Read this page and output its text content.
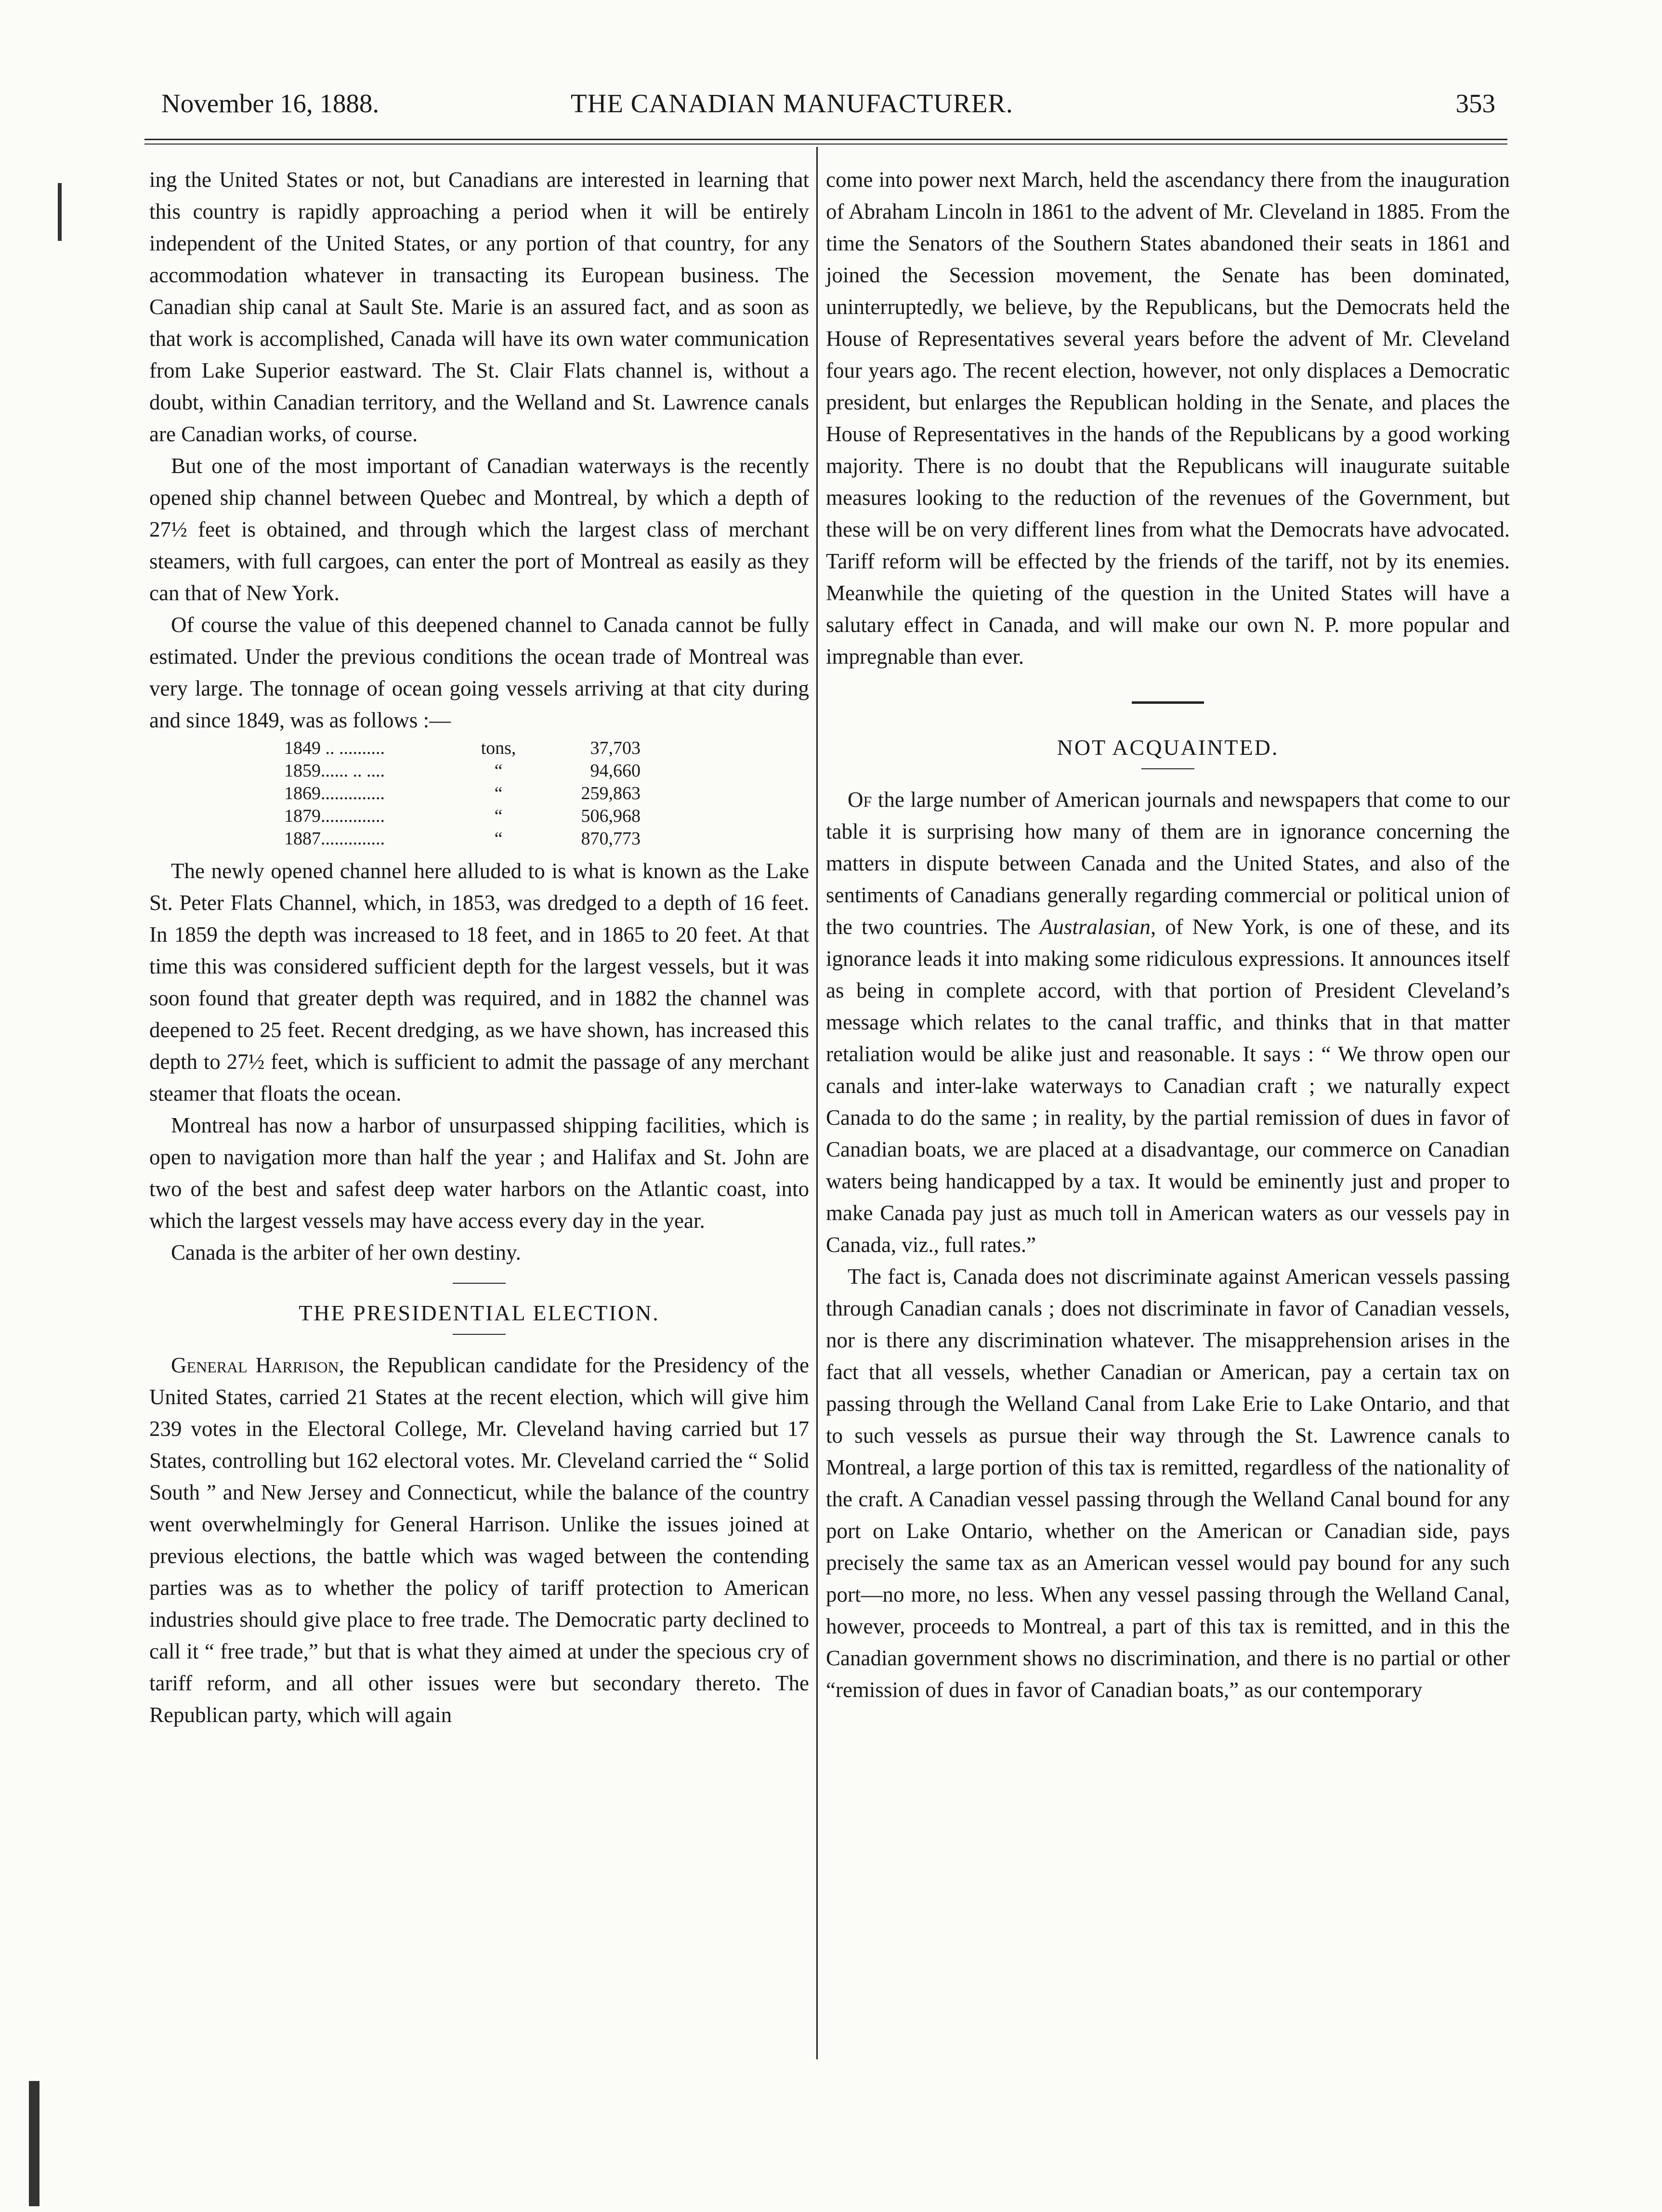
November 16, 1888.	THE CANADIAN MANUFACTURER.	353

ing the United States or not, but Canadians are interested in learning that this country is rapidly approaching a period when it will be entirely independent of the United States, or any portion of that country, for any accommodation whatever in transacting its European business. The Canadian ship canal at Sault Ste. Marie is an assured fact, and as soon as that work is accomplished, Canada will have its own water communication from Lake Superior eastward. The St. Clair Flats channel is, without a doubt, within Canadian territory, and the Welland and St. Lawrence canals are Canadian works, of course.

But one of the most important of Canadian waterways is the recently opened ship channel between Quebec and Montreal, by which a depth of 27½ feet is obtained, and through which the largest class of merchant steamers, with full cargoes, can enter the port of Montreal as easily as they can that of New York.

Of course the value of this deepened channel to Canada cannot be fully estimated. Under the previous conditions the ocean trade of Montreal was very large. The tonnage of ocean going vessels arriving at that city during and since 1849, was as follows :—

1849 .. ..........	tons,	37,703
1859...... .. ....	“	94,660
1869..............	“	259,863
1879..............	“	506,968
1887..............	“	870,773

The newly opened channel here alluded to is what is known as the Lake St. Peter Flats Channel, which, in 1853, was dredged to a depth of 16 feet. In 1859 the depth was increased to 18 feet, and in 1865 to 20 feet. At that time this was considered sufficient depth for the largest vessels, but it was soon found that greater depth was required, and in 1882 the channel was deepened to 25 feet. Recent dredging, as we have shown, has increased this depth to 27½ feet, which is sufficient to admit the passage of any merchant steamer that floats the ocean.

Montreal has now a harbor of unsurpassed shipping facilities, which is open to navigation more than half the year ; and Halifax and St. John are two of the best and safest deep water harbors on the Atlantic coast, into which the largest vessels may have access every day in the year.

Canada is the arbiter of her own destiny.

THE PRESIDENTIAL ELECTION.

General Harrison, the Republican candidate for the Presidency of the United States, carried 21 States at the recent election, which will give him 239 votes in the Electoral College, Mr. Cleveland having carried but 17 States, controlling but 162 electoral votes. Mr. Cleveland carried the “ Solid South ” and New Jersey and Connecticut, while the balance of the country went overwhelmingly for General Harrison. Unlike the issues joined at previous elections, the battle which was waged between the contending parties was as to whether the policy of tariff protection to American industries should give place to free trade. The Democratic party declined to call it “ free trade,” but that is what they aimed at under the specious cry of tariff reform, and all other issues were but secondary thereto. The Republican party, which will again

come into power next March, held the ascendancy there from the inauguration of Abraham Lincoln in 1861 to the advent of Mr. Cleveland in 1885. From the time the Senators of the Southern States abandoned their seats in 1861 and joined the Secession movement, the Senate has been dominated, uninterruptedly, we believe, by the Republicans, but the Democrats held the House of Representatives several years before the advent of Mr. Cleveland four years ago. The recent election, however, not only displaces a Democratic president, but enlarges the Republican holding in the Senate, and places the House of Representatives in the hands of the Republicans by a good working majority. There is no doubt that the Republicans will inaugurate suitable measures looking to the reduction of the revenues of the Government, but these will be on very different lines from what the Democrats have advocated. Tariff reform will be effected by the friends of the tariff, not by its enemies. Meanwhile the quieting of the question in the United States will have a salutary effect in Canada, and will make our own N. P. more popular and impregnable than ever.

NOT ACQUAINTED.

Of the large number of American journals and newspapers that come to our table it is surprising how many of them are in ignorance concerning the matters in dispute between Canada and the United States, and also of the sentiments of Canadians generally regarding commercial or political union of the two countries. The Australasian, of New York, is one of these, and its ignorance leads it into making some ridiculous expressions. It announces itself as being in complete accord, with that portion of President Cleveland’s message which relates to the canal traffic, and thinks that in that matter retaliation would be alike just and reasonable. It says : “ We throw open our canals and inter-lake waterways to Canadian craft ; we naturally expect Canada to do the same ; in reality, by the partial remission of dues in favor of Canadian boats, we are placed at a disadvantage, our commerce on Canadian waters being handicapped by a tax. It would be eminently just and proper to make Canada pay just as much toll in American waters as our vessels pay in Canada, viz., full rates.”

The fact is, Canada does not discriminate against American vessels passing through Canadian canals ; does not discriminate in favor of Canadian vessels, nor is there any discrimination whatever. The misapprehension arises in the fact that all vessels, whether Canadian or American, pay a certain tax on passing through the Welland Canal from Lake Erie to Lake Ontario, and that to such vessels as pursue their way through the St. Lawrence canals to Montreal, a large portion of this tax is remitted, regardless of the nationality of the craft. A Canadian vessel passing through the Welland Canal bound for any port on Lake Ontario, whether on the American or Canadian side, pays precisely the same tax as an American vessel would pay bound for any such port—no more, no less. When any vessel passing through the Welland Canal, however, proceeds to Montreal, a part of this tax is remitted, and in this the Canadian government shows no discrimination, and there is no partial or other “remission of dues in favor of Canadian boats,” as our contemporary
